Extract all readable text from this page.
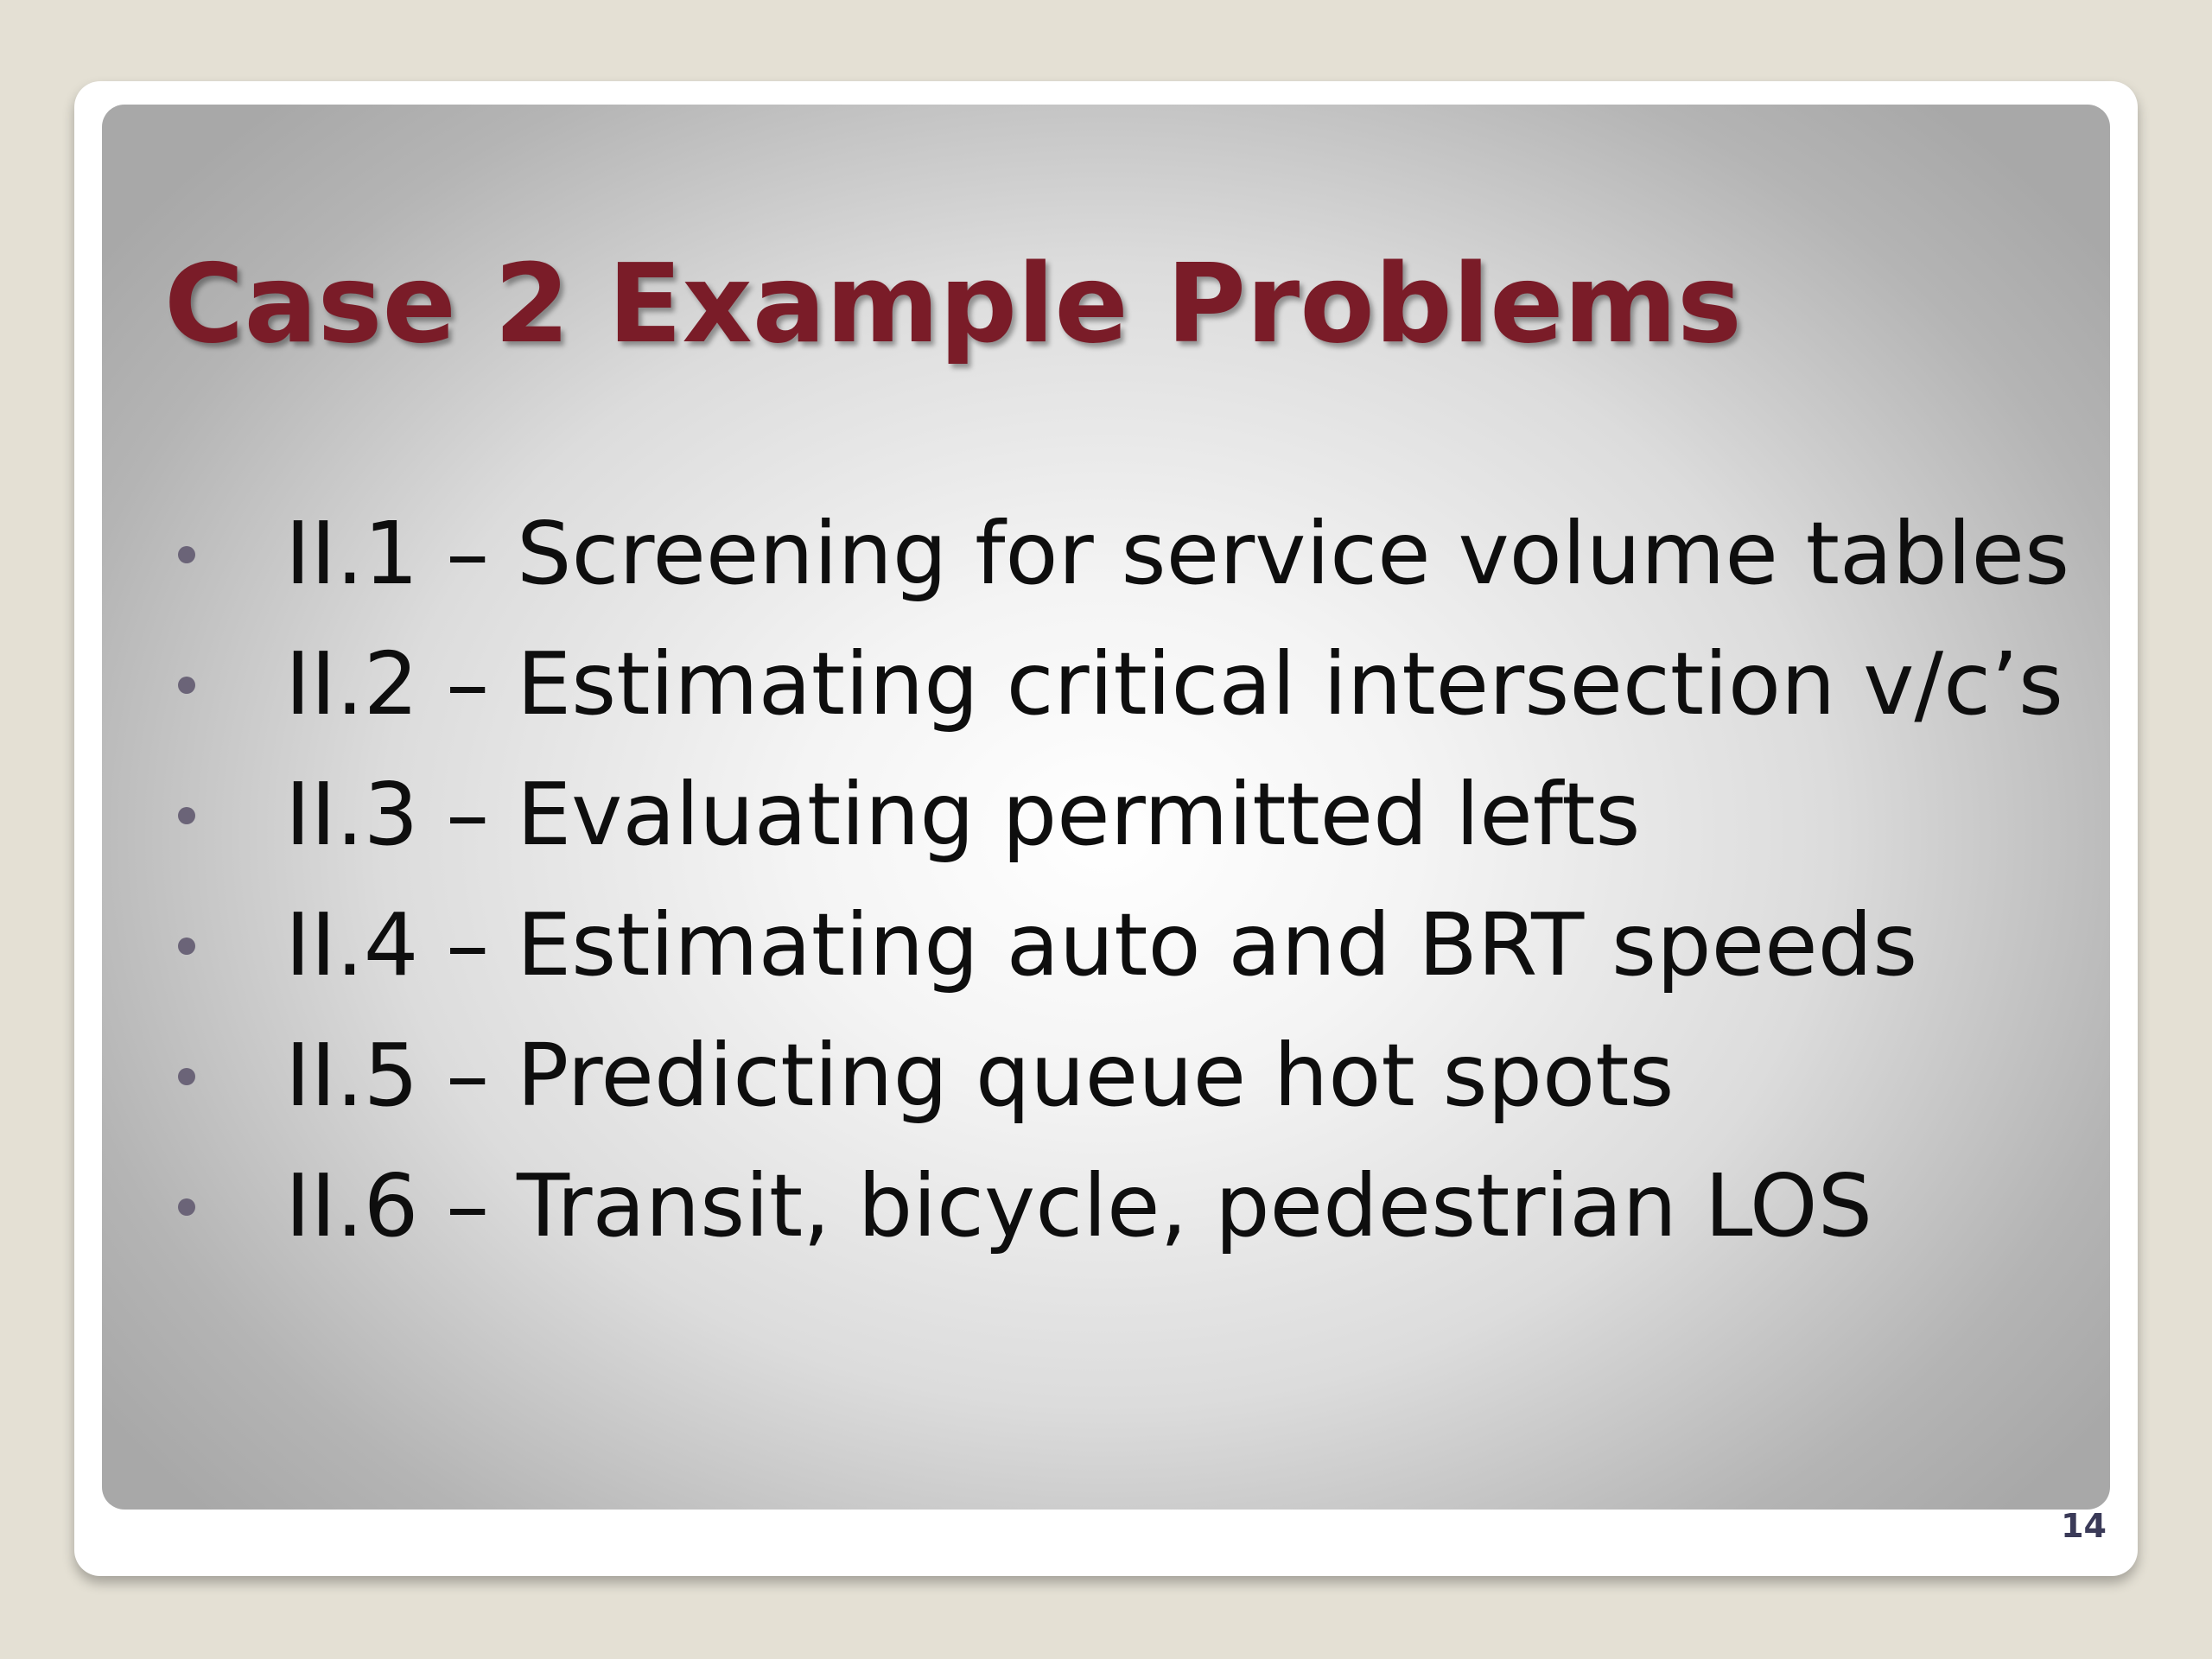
Case 2 Example Problems
II.1 – Screening for service volume tables
II.2 – Estimating critical intersection v/c’s
II.3 – Evaluating permitted lefts
II.4 – Estimating auto and BRT speeds
II.5 – Predicting queue hot spots
II.6 – Transit, bicycle, pedestrian LOS
14
